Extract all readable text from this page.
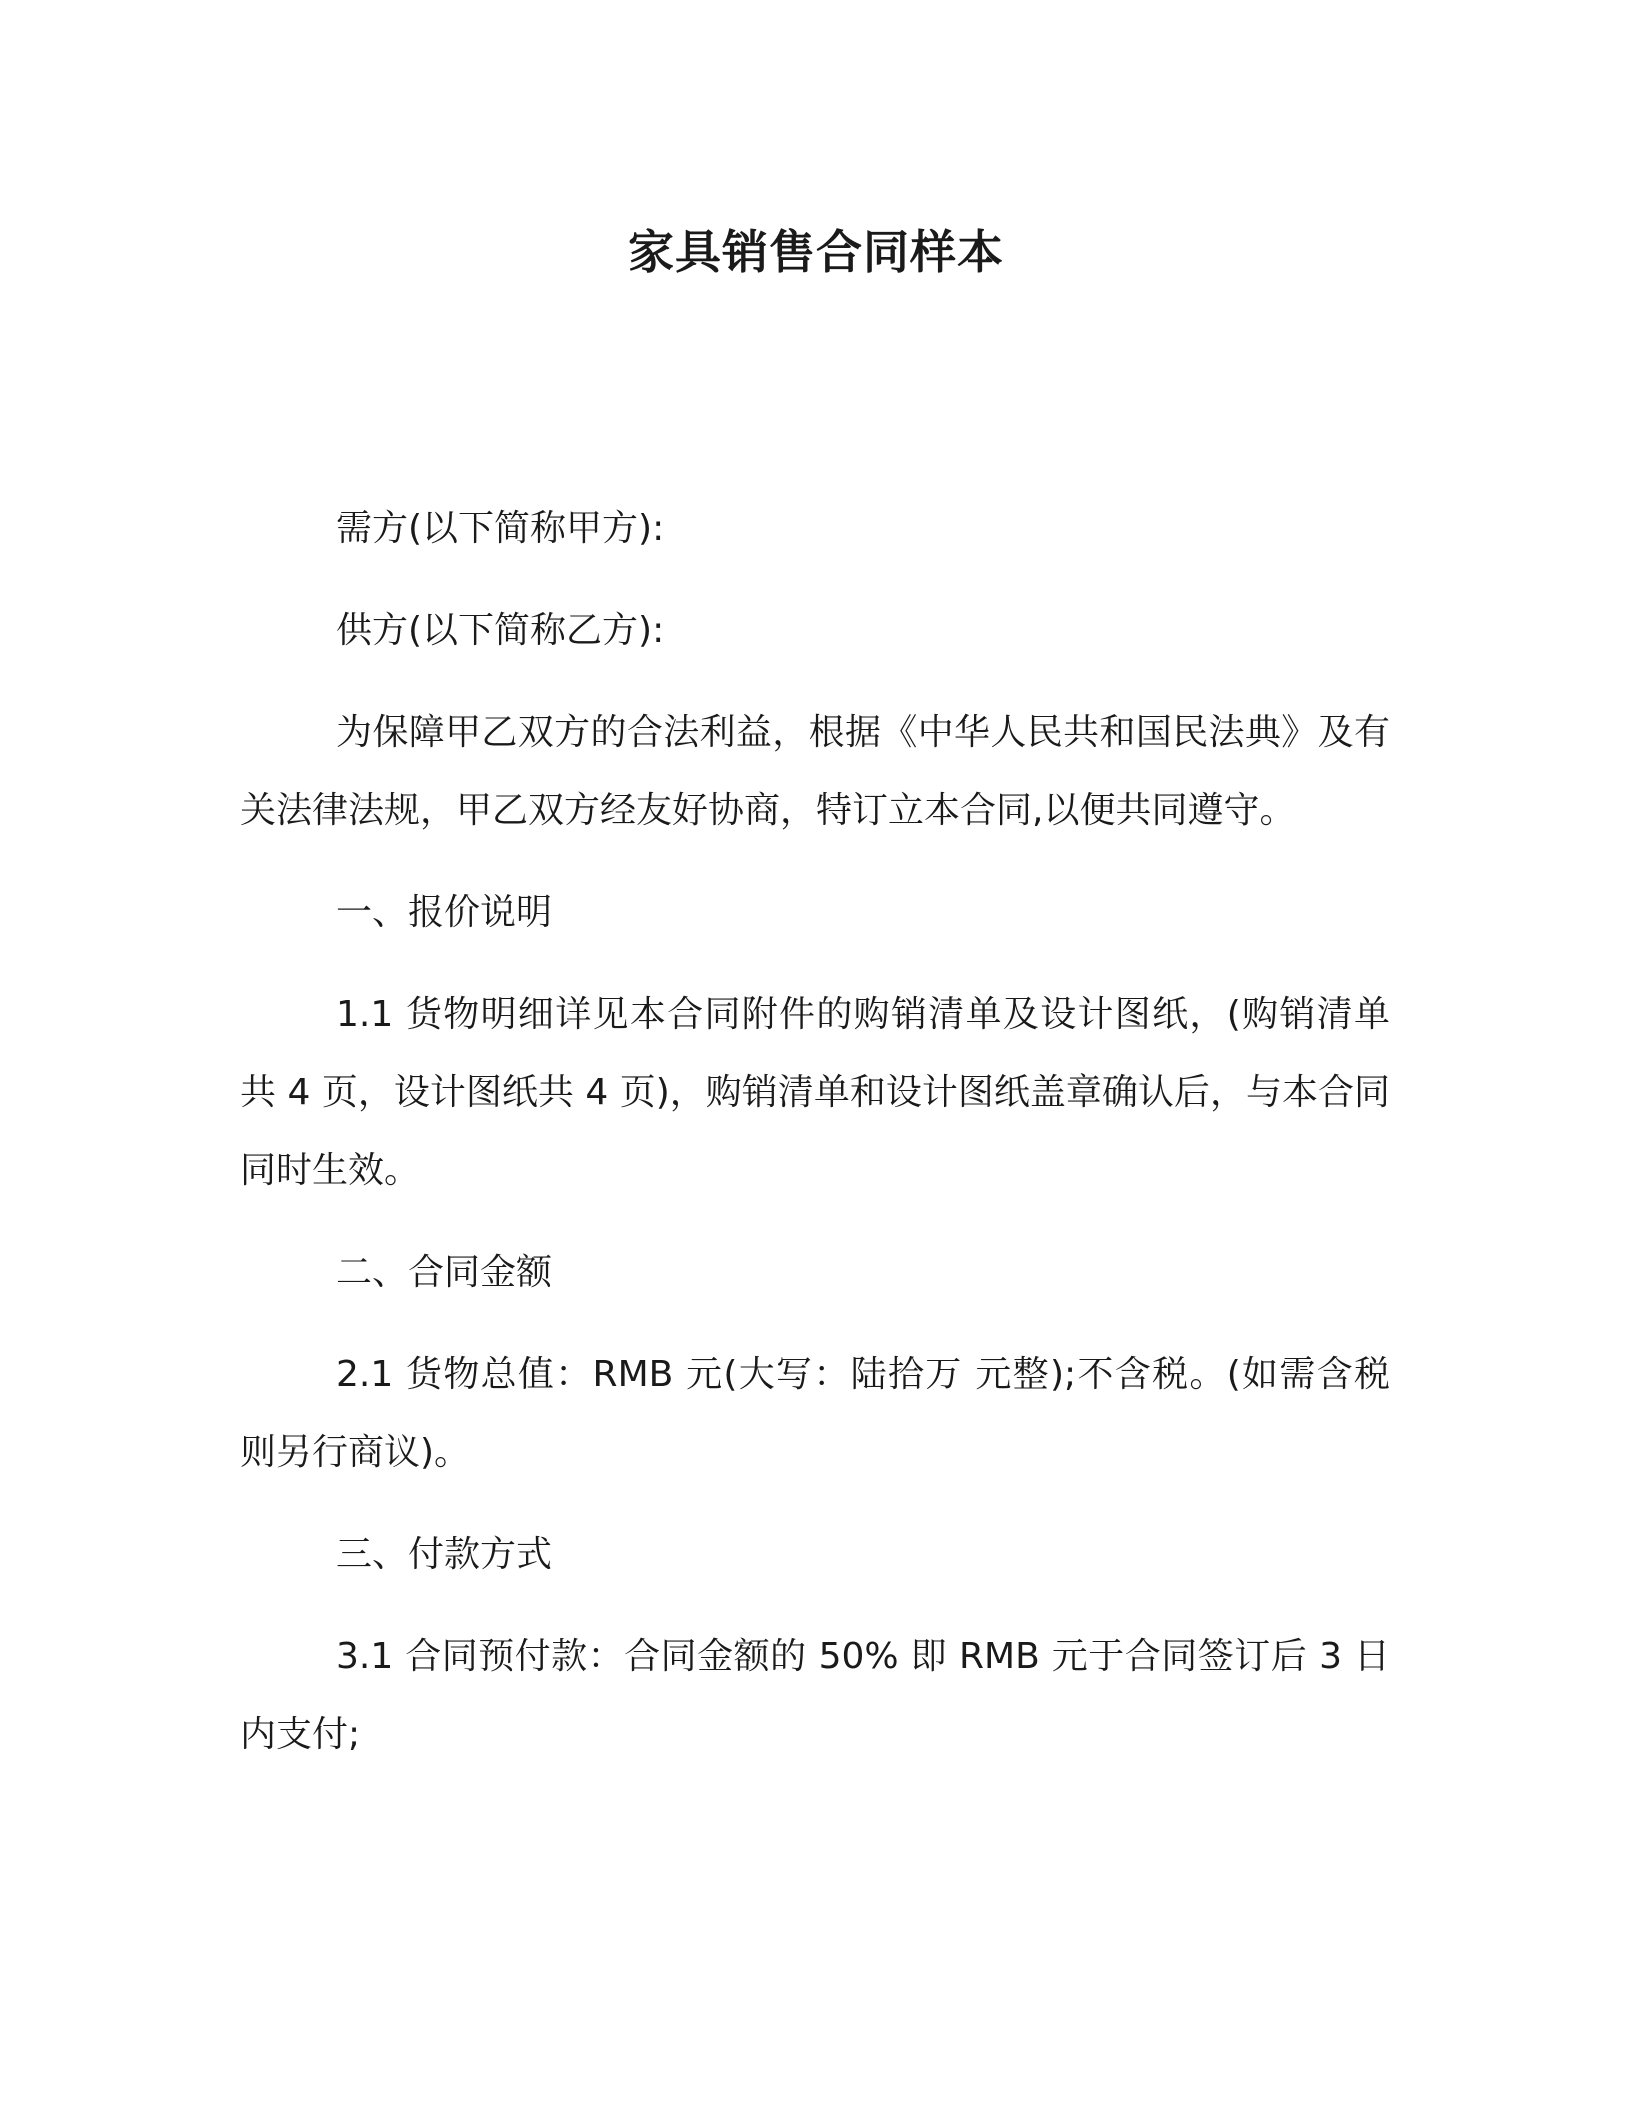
家具销售合同样本

需方(以下简称甲方):

供方(以下简称乙方):

为保障甲乙双方的合法利益，根据《中华人民共和国民法典》及有关法律法规，甲乙双方经友好协商，特订立本合同,以便共同遵守。

一、报价说明

1.1 货物明细详见本合同附件的购销清单及设计图纸，(购销清单共 4 页，设计图纸共 4 页)，购销清单和设计图纸盖章确认后，与本合同同时生效。

二、合同金额

2.1 货物总值：RMB 元(大写：陆拾万 元整);不含税。(如需含税则另行商议)。

三、付款方式

3.1 合同预付款：合同金额的 50% 即 RMB 元于合同签订后 3 日内支付;
